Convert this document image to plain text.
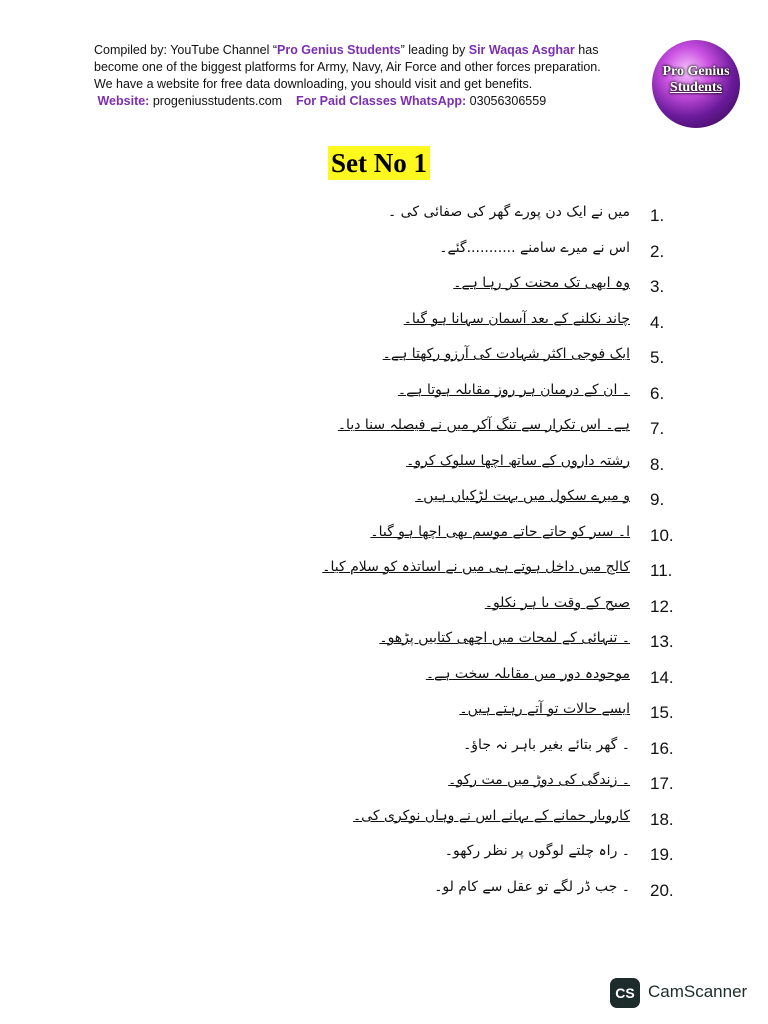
Compiled by: YouTube Channel “Pro Genius Students” leading by Sir Waqas Asghar has
become one of the biggest platforms for Army, Navy, Air Force and other forces preparation.
We have a website for free data downloading, you should visit and get benefits.
Website: progeniusstudents.com For Paid Classes WhatsApp: 03056306559
Pro Genius
Students
Set No 1
1.
میں نے ایک دن پورے گھر کی صفائی کی ۔
2.
اس نے میرے سامنے ...........گئے۔
3.
وہ ابھی تک محنت کر رہا ہے۔
4.
چاند نکلنے کے بعد آسمان سہانا ہو گیا۔
5.
ایک فوجی اکثر شہادت کی آرزو رکھتا ہے۔
6.
۔ ان کے درمیان ہر روز مقابلہ ہوتا ہے۔
7.
ہے۔ اس تکرار سے تنگ آکر میں نے فیصلہ سنا دیا۔
8.
رشتہ داروں کے ساتھ اچھا سلوک کرو۔
9.
و میرے سکول میں بہت لڑکیاں ہیں۔
10.
ا۔ سیر کو جاتے جاتے موسم بھی اچھا ہو گیا۔
11.
کالج میں داخل ہوتے ہی میں نے اساتذہ کو سلام کیا۔
12.
صبح کے وقت با ہر نکلو۔
13.
۔ تنہائی کے لمحات میں اچھی کتابیں پڑھو۔
14.
موجودہ دور میں مقابلہ سخت ہے۔
15.
ایسے حالات تو آتے رہتے ہیں۔
16.
۔ گھر بتائے بغیر باہر نہ جاؤ۔
17.
۔ زندگی کی دوڑ میں مت رکو۔
18.
کاروبار جمانے کے بہانے اس نے وہاں نوکری کی۔
19.
۔ راہ چلتے لوگوں پر نظر رکھو۔
20.
۔ جب ڈر لگے تو عقل سے کام لو۔
CS CamScanner
